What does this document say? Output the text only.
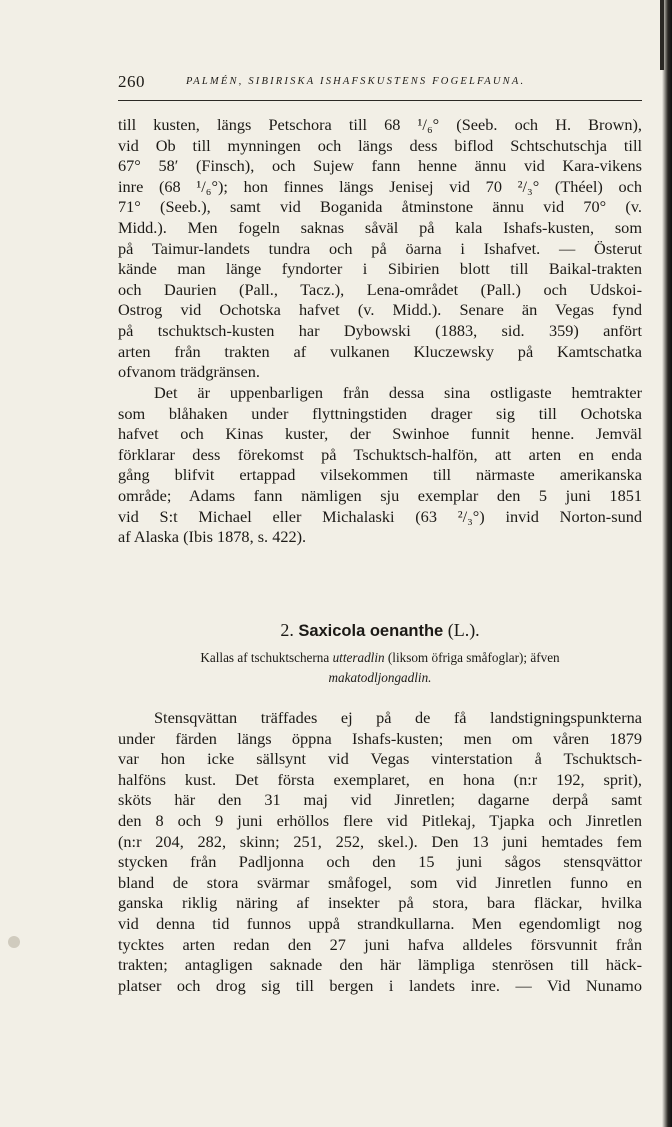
260	PALMÉN, SIBIRISKA ISHAFSKUSTENS FOGELFAUNA.
till kusten, längs Petschora till 68 ¹/₆° (Seeb. och H. Brown),
vid Ob till mynningen och längs dess biflod Schtschutschja till
67° 58′ (Finsch), och Sujew fann henne ännu vid Kara-vikens
inre (68 ¹/₆°); hon finnes längs Jenisej vid 70 ²/₃° (Théel) och
71° (Seeb.), samt vid Boganida åtminstone ännu vid 70° (v.
Midd.). Men fogeln saknas såväl på kala Ishafs-kusten, som
på Taimur-landets tundra och på öarna i Ishafvet. — Österut
kände man länge fyndorter i Sibirien blott till Baikal-trakten
och Daurien (Pall., Tacz.), Lena-området (Pall.) och Udskoi-
Ostrog vid Ochotska hafvet (v. Midd.). Senare än Vegas fynd
på tschuktsch-kusten har Dybowski (1883, sid. 359) anfört
arten från trakten af vulkanen Kluczewsky på Kamtschatka
ofvanom trädgränsen.
Det är uppenbarligen från dessa sina ostligaste hemtrakter
som blåhaken under flyttningstiden drager sig till Ochotska
hafvet och Kinas kuster, der Swinhoe funnit henne. Jemväl
förklarar dess förekomst på Tschuktsch-halfön, att arten en enda
gång blifvit ertappad vilsekommen till närmaste amerikanska
område; Adams fann nämligen sju exemplar den 5 juni 1851
vid S:t Michael eller Michalaski (63 ²/₃°) invid Norton-sund
af Alaska (Ibis 1878, s. 422).
2. Saxicola oenanthe (L.).
Kallas af tschuktscherna utteradlin (liksom öfriga småfoglar); äfven
makatodljongadlin.
Stensqvättan träffades ej på de få landstigningspunkterna
under färden längs öppna Ishafs-kusten; men om våren 1879
var hon icke sällsynt vid Vegas vinterstation å Tschuktsch-
halföns kust. Det första exemplaret, en hona (n:r 192, sprit),
sköts här den 31 maj vid Jinretlen; dagarne derpå samt
den 8 och 9 juni erhöllos flere vid Pitlekaj, Tjapka och Jinretlen
(n:r 204, 282, skinn; 251, 252, skel.). Den 13 juni hemtades fem
stycken från Padljonna och den 15 juni sågos stensqvättor
bland de stora svärmar småfogel, som vid Jinretlen funno en
ganska riklig näring af insekter på stora, bara fläckar, hvilka
vid denna tid funnos uppå strandkullarna. Men egendomligt nog
tycktes arten redan den 27 juni hafva alldeles försvunnit från
trakten; antagligen saknade den här lämpliga stenrösen till häck-
platser och drog sig till bergen i landets inre. — Vid Nunamo
